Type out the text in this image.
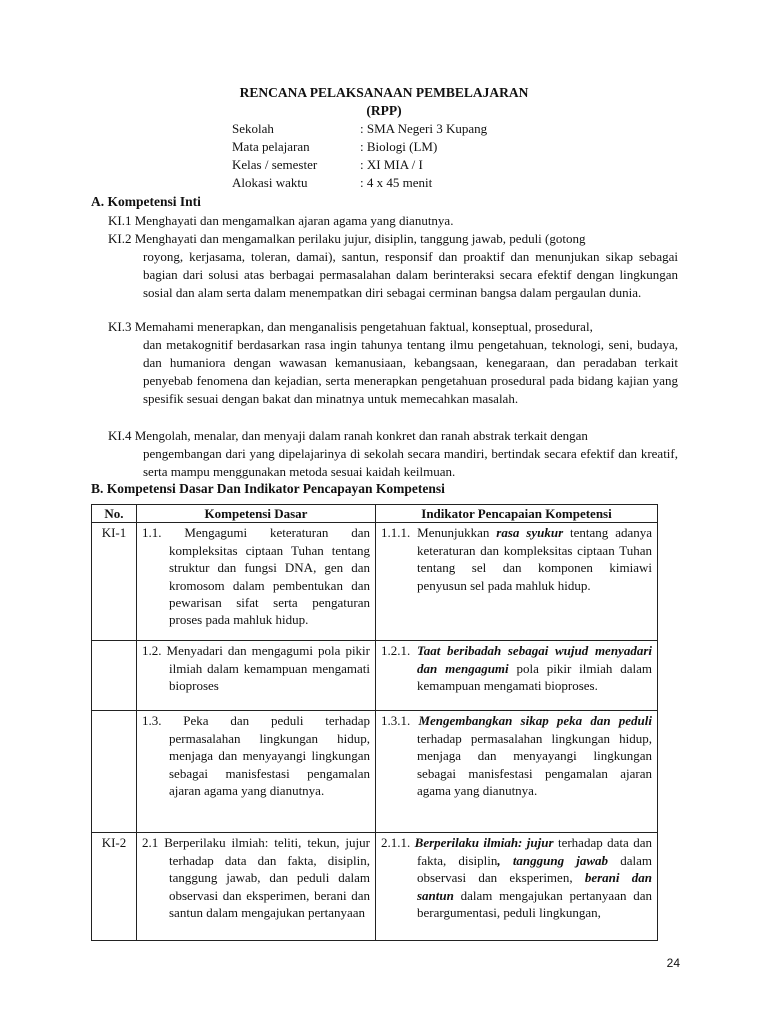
RENCANA PELAKSANAAN PEMBELAJARAN
(RPP)
Sekolah	: SMA Negeri 3 Kupang
Mata pelajaran	: Biologi (LM)
Kelas / semester	: XI MIA / I
Alokasi waktu	: 4 x 45 menit
A. Kompetensi Inti
KI.1 Menghayati dan mengamalkan ajaran agama yang dianutnya.
KI.2 Menghayati dan mengamalkan perilaku jujur, disiplin, tanggung jawab, peduli (gotong
royong, kerjasama, toleran, damai), santun, responsif dan proaktif dan menunjukan sikap sebagai bagian dari solusi atas berbagai permasalahan dalam berinteraksi secara efektif dengan lingkungan sosial dan alam serta dalam menempatkan diri sebagai cerminan bangsa dalam pergaulan dunia.
KI.3 Memahami menerapkan, dan menganalisis pengetahuan faktual, konseptual, prosedural,
dan metakognitif berdasarkan rasa ingin tahunya tentang ilmu pengetahuan, teknologi, seni, budaya, dan humaniora dengan wawasan kemanusiaan, kebangsaan, kenegaraan, dan peradaban terkait penyebab fenomena dan kejadian, serta menerapkan pengetahuan prosedural pada bidang kajian yang spesifik sesuai dengan bakat dan minatnya untuk memecahkan masalah.
KI.4 Mengolah, menalar, dan menyaji dalam ranah konkret dan ranah abstrak terkait dengan
pengembangan dari yang dipelajarinya di sekolah secara mandiri, bertindak secara efektif dan kreatif, serta mampu menggunakan metoda sesuai kaidah keilmuan.
B. Kompetensi Dasar Dan Indikator Pencapayan Kompetensi
No.	Kompetensi Dasar	Indikator Pencapaian Kompetensi
KI-1	1.1. Mengagumi keteraturan dan kompleksitas ciptaan Tuhan tentang struktur dan fungsi DNA, gen dan kromosom dalam pembentukan dan pewarisan sifat serta pengaturan proses pada mahluk hidup.	1.1.1. Menunjukkan rasa syukur tentang adanya keteraturan dan kompleksitas ciptaan Tuhan tentang sel dan komponen kimiawi penyusun sel pada mahluk hidup.

	1.2. Menyadari dan mengagumi pola pikir ilmiah dalam kemampuan mengamati bioproses	1.2.1. Taat beribadah sebagai wujud menyadari dan mengagumi pola pikir ilmiah dalam kemampuan mengamati bioproses.

	1.3. Peka dan peduli terhadap permasalahan lingkungan hidup, menjaga dan menyayangi lingkungan sebagai manisfestasi pengamalan ajaran agama yang dianutnya.	1.3.1. Mengembangkan sikap peka dan peduli terhadap permasalahan lingkungan hidup, menjaga dan menyayangi lingkungan sebagai manisfestasi pengamalan ajaran agama yang dianutnya.

KI-2	2.1 Berperilaku ilmiah: teliti, tekun, jujur terhadap data dan fakta, disiplin, tanggung jawab, dan peduli dalam observasi dan eksperimen, berani dan santun dalam mengajukan pertanyaan	2.1.1. Berperilaku ilmiah: jujur terhadap data dan fakta, disiplin, tanggung jawab dalam observasi dan eksperimen, berani dan santun dalam mengajukan pertanyaan dan berargumentasi, peduli lingkungan,
24
